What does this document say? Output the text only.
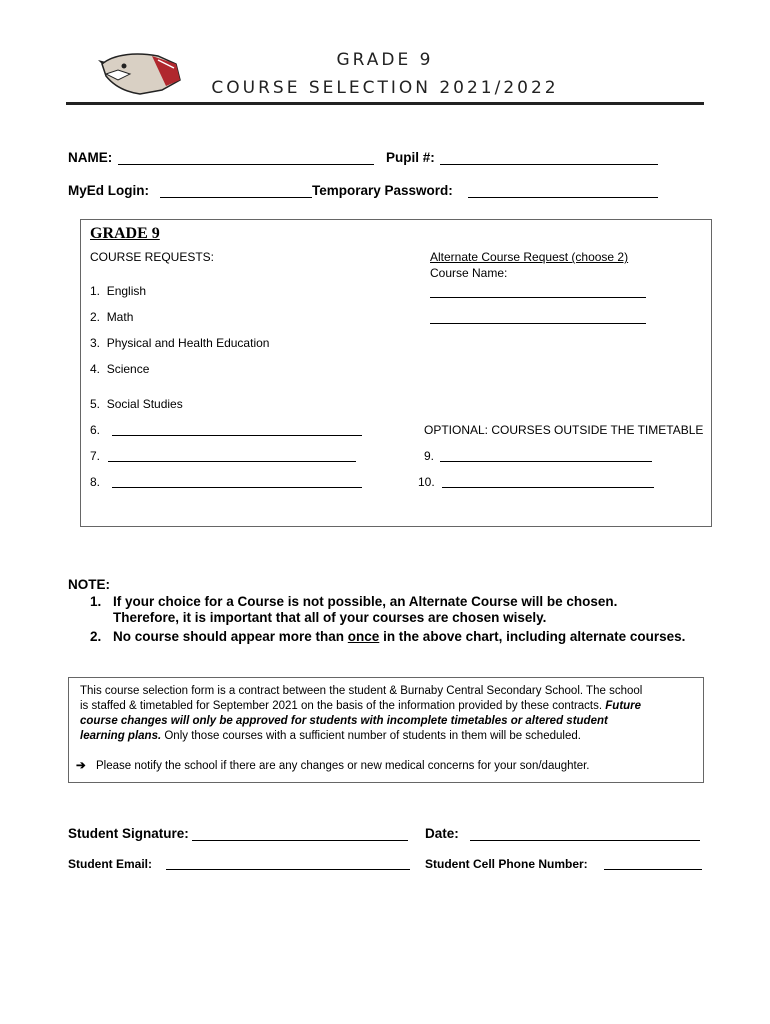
GRADE 9
COURSE SELECTION 2021/2022
NAME:	Pupil #:
MyEd Login:	Temporary Password:
GRADE 9
COURSE REQUESTS:
1. English
2. Math
3. Physical and Health Education
4. Science
5. Social Studies
6.
7.
8.
Alternate Course Request (choose 2)
Course Name:
OPTIONAL: COURSES OUTSIDE THE TIMETABLE
9.
10.
NOTE:
1. If your choice for a Course is not possible, an Alternate Course will be chosen.
Therefore, it is important that all of your courses are chosen wisely.
2. No course should appear more than once in the above chart, including alternate courses.
This course selection form is a contract between the student & Burnaby Central Secondary School. The school
is staffed & timetabled for September 2021 on the basis of the information provided by these contracts. Future
course changes will only be approved for students with incomplete timetables or altered student
learning plans. Only those courses with a sufficient number of students in them will be scheduled.
➔ Please notify the school if there are any changes or new medical concerns for your son/daughter.
Student Signature:	Date:
Student Email:	Student Cell Phone Number:
